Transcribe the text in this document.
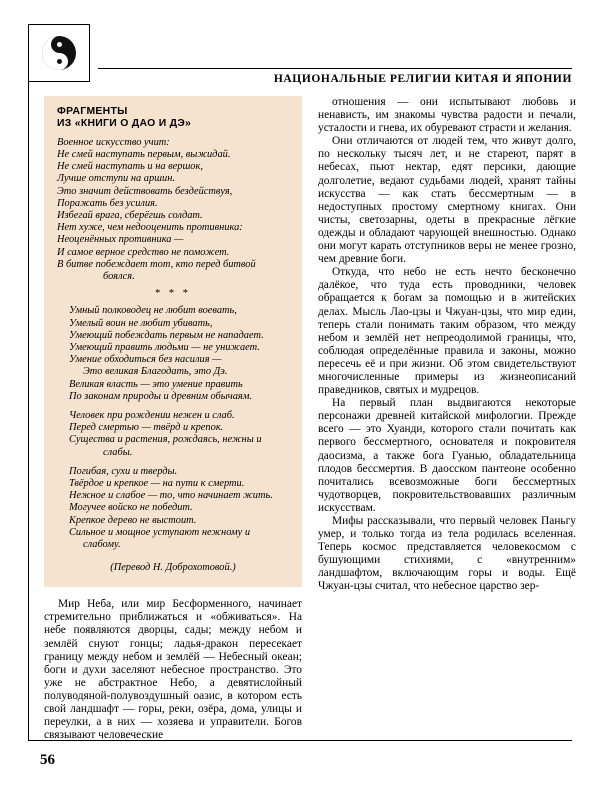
НАЦИОНАЛЬНЫЕ РЕЛИГИИ КИТАЯ И ЯПОНИИ
ФРАГМЕНТЫ
ИЗ «КНИГИ О ДАО И ДЭ»
Военное искусство учит:
Не смей наступать первым, выжидай.
Не смей наступать и на вершок,
Лучше отступи на аршин.
Это значит действовать бездействуя,
Поражать без усилия.
Избегай врага, сберёгшь солдат.
Нет хуже, чем недооценить противника:
Неоценённых противника —
И самое верное средство не поможет.
В битве побеждает тот, кто перед битвой
боялся.
* * *
Умный полководец не любит воевать,
Умелый воин не любит убивать,
Умеющий побеждать первым не нападает.
Умеющий править людьми — не унижает.
Умение обходиться без насилия —
Это великая Благодать, это Дэ.
Великая власть — это умение править
По законам природы и древним обычаям.
Человек при рождении нежен и слаб.
Перед смертью — твёрд и крепок.
Существа и растения, рождаясь, нежны и
слабы.
Погибая, сухи и тверды.
Твёрдое и крепкое — на пути к смерти.
Нежное и слабое — то, что начинает жить.
Могучее войско не победит.
Крепкое дерево не выстоит.
Сильное и мощное уступают нежному и
слабому.
(Перевод Н. Доброхотовой.)

Мир Неба, или мир Бесформенного, начинает стремительно приближаться и «обживаться». На небе появляются дворцы, сады; между небом и землёй снуют гонцы; ладья-дракон пересекает границу между небом и землёй — Небесный океан; боги и духи заселяют небесное пространство. Это уже не абстрактное Небо, а девятислойный полуводяной-полувоздушный оазис, в котором есть свой ландшафт — горы, реки, озёра, дома, улицы и переулки, а в них — хозяева и управители. Богов связывают человеческие

отношения — они испытывают любовь и ненависть, им знакомы чувства радости и печали, усталости и гнева, их обуревают страсти и желания.

Они отличаются от людей тем, что живут долго, по нескольку тысяч лет, и не стареют, парят в небесах, пьют нектар, едят персики, дающие долголетие, ведают судьбами людей, хранят тайны искусства — как стать бессмертным — в недоступных простому смертному книгах. Они чисты, светозарны, одеты в прекрасные лёгкие одежды и обладают чарующей внешностью. Однако они могут карать отступников веры не менее грозно, чем древние боги.

Откуда, что небо не есть нечто бесконечно далёкое, что туда есть проводники, человек обращается к богам за помощью и в житейских делах. Мысль Лао-цзы и Чжуан-цзы, что мир един, теперь стали понимать таким образом, что между небом и землёй нет непреодолимой границы, что, соблюдая определённые правила и законы, можно пересечь её и при жизни. Об этом свидетельствуют многочисленные примеры из жизнеописаний праведников, святых и мудрецов.

На первый план выдвигаются некоторые персонажи древней китайской мифологии. Прежде всего — это Хуанди, которого стали почитать как первого бессмертного, основателя и покровителя даосизма, а также бога Гуанью, обладательница плодов бессмертия. В даосском пантеоне особенно почитались всевозможные боги бессмертных чудотворцев, покровительствовавших различным искусствам.

Мифы рассказывали, что первый человек Паньгу умер, и только тогда из тела родилась вселенная. Теперь космос представляется человекосмом с бушующими стихиями, с «внутренним» ландшафтом, включающим горы и воды. Ещё Чжуан-цзы считал, что небесное царство зер-

56
